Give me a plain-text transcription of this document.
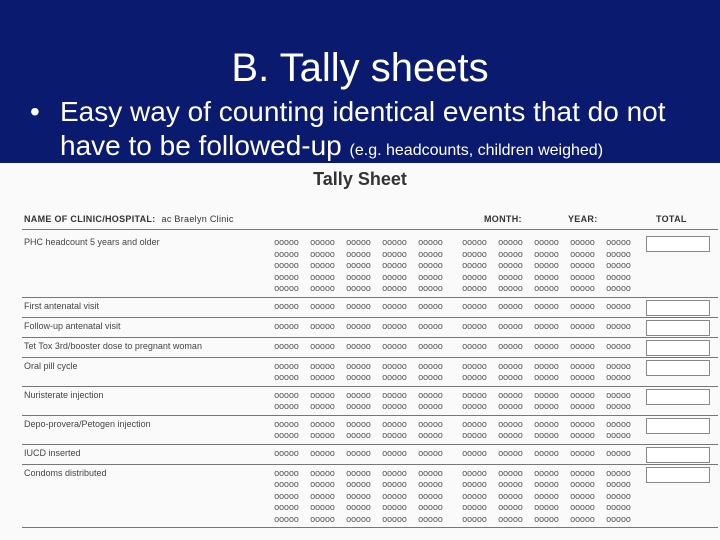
B. Tally sheets
• Easy way of counting identical events that do not have to be followed-up (e.g. headcounts, children weighed)
Tally Sheet
NAME OF CLINIC/HOSPITAL: ac Braelyn Clinic	MONTH:	YEAR:	TOTAL
PHC headcount 5 years and older	ooooo	ooooo	ooooo	ooooo	ooooo	ooooo	ooooo	ooooo	ooooo	ooooo
ooooo	ooooo	ooooo	ooooo	ooooo	ooooo	ooooo	ooooo	ooooo	ooooo
ooooo	ooooo	ooooo	ooooo	ooooo	ooooo	ooooo	ooooo	ooooo	ooooo
ooooo	ooooo	ooooo	ooooo	ooooo	ooooo	ooooo	ooooo	ooooo	ooooo
ooooo	ooooo	ooooo	ooooo	ooooo	ooooo	ooooo	ooooo	ooooo	ooooo
First antenatal visit	ooooo	ooooo	ooooo	ooooo	ooooo	ooooo	ooooo	ooooo	ooooo	ooooo
Follow-up antenatal visit	ooooo	ooooo	ooooo	ooooo	ooooo	ooooo	ooooo	ooooo	ooooo	ooooo
Tet Tox 3rd/booster dose to pregnant woman	ooooo	ooooo	ooooo	ooooo	ooooo	ooooo	ooooo	ooooo	ooooo	ooooo
Oral pill cycle	ooooo	ooooo	ooooo	ooooo	ooooo	ooooo	ooooo	ooooo	ooooo	ooooo
ooooo	ooooo	ooooo	ooooo	ooooo	ooooo	ooooo	ooooo	ooooo	ooooo
Nuristerate injection	ooooo	ooooo	ooooo	ooooo	ooooo	ooooo	ooooo	ooooo	ooooo	ooooo
ooooo	ooooo	ooooo	ooooo	ooooo	ooooo	ooooo	ooooo	ooooo	ooooo
Depo-provera/Petogen injection	ooooo	ooooo	ooooo	ooooo	ooooo	ooooo	ooooo	ooooo	ooooo	ooooo
ooooo	ooooo	ooooo	ooooo	ooooo	ooooo	ooooo	ooooo	ooooo	ooooo
IUCD inserted	ooooo	ooooo	ooooo	ooooo	ooooo	ooooo	ooooo	ooooo	ooooo	ooooo
Condoms distributed	ooooo	ooooo	ooooo	ooooo	ooooo	ooooo	ooooo	ooooo	ooooo	ooooo
ooooo	ooooo	ooooo	ooooo	ooooo	ooooo	ooooo	ooooo	ooooo	ooooo
ooooo	ooooo	ooooo	ooooo	ooooo	ooooo	ooooo	ooooo	ooooo	ooooo
ooooo	ooooo	ooooo	ooooo	ooooo	ooooo	ooooo	ooooo	ooooo	ooooo
ooooo	ooooo	ooooo	ooooo	ooooo	ooooo	ooooo	ooooo	ooooo	ooooo
